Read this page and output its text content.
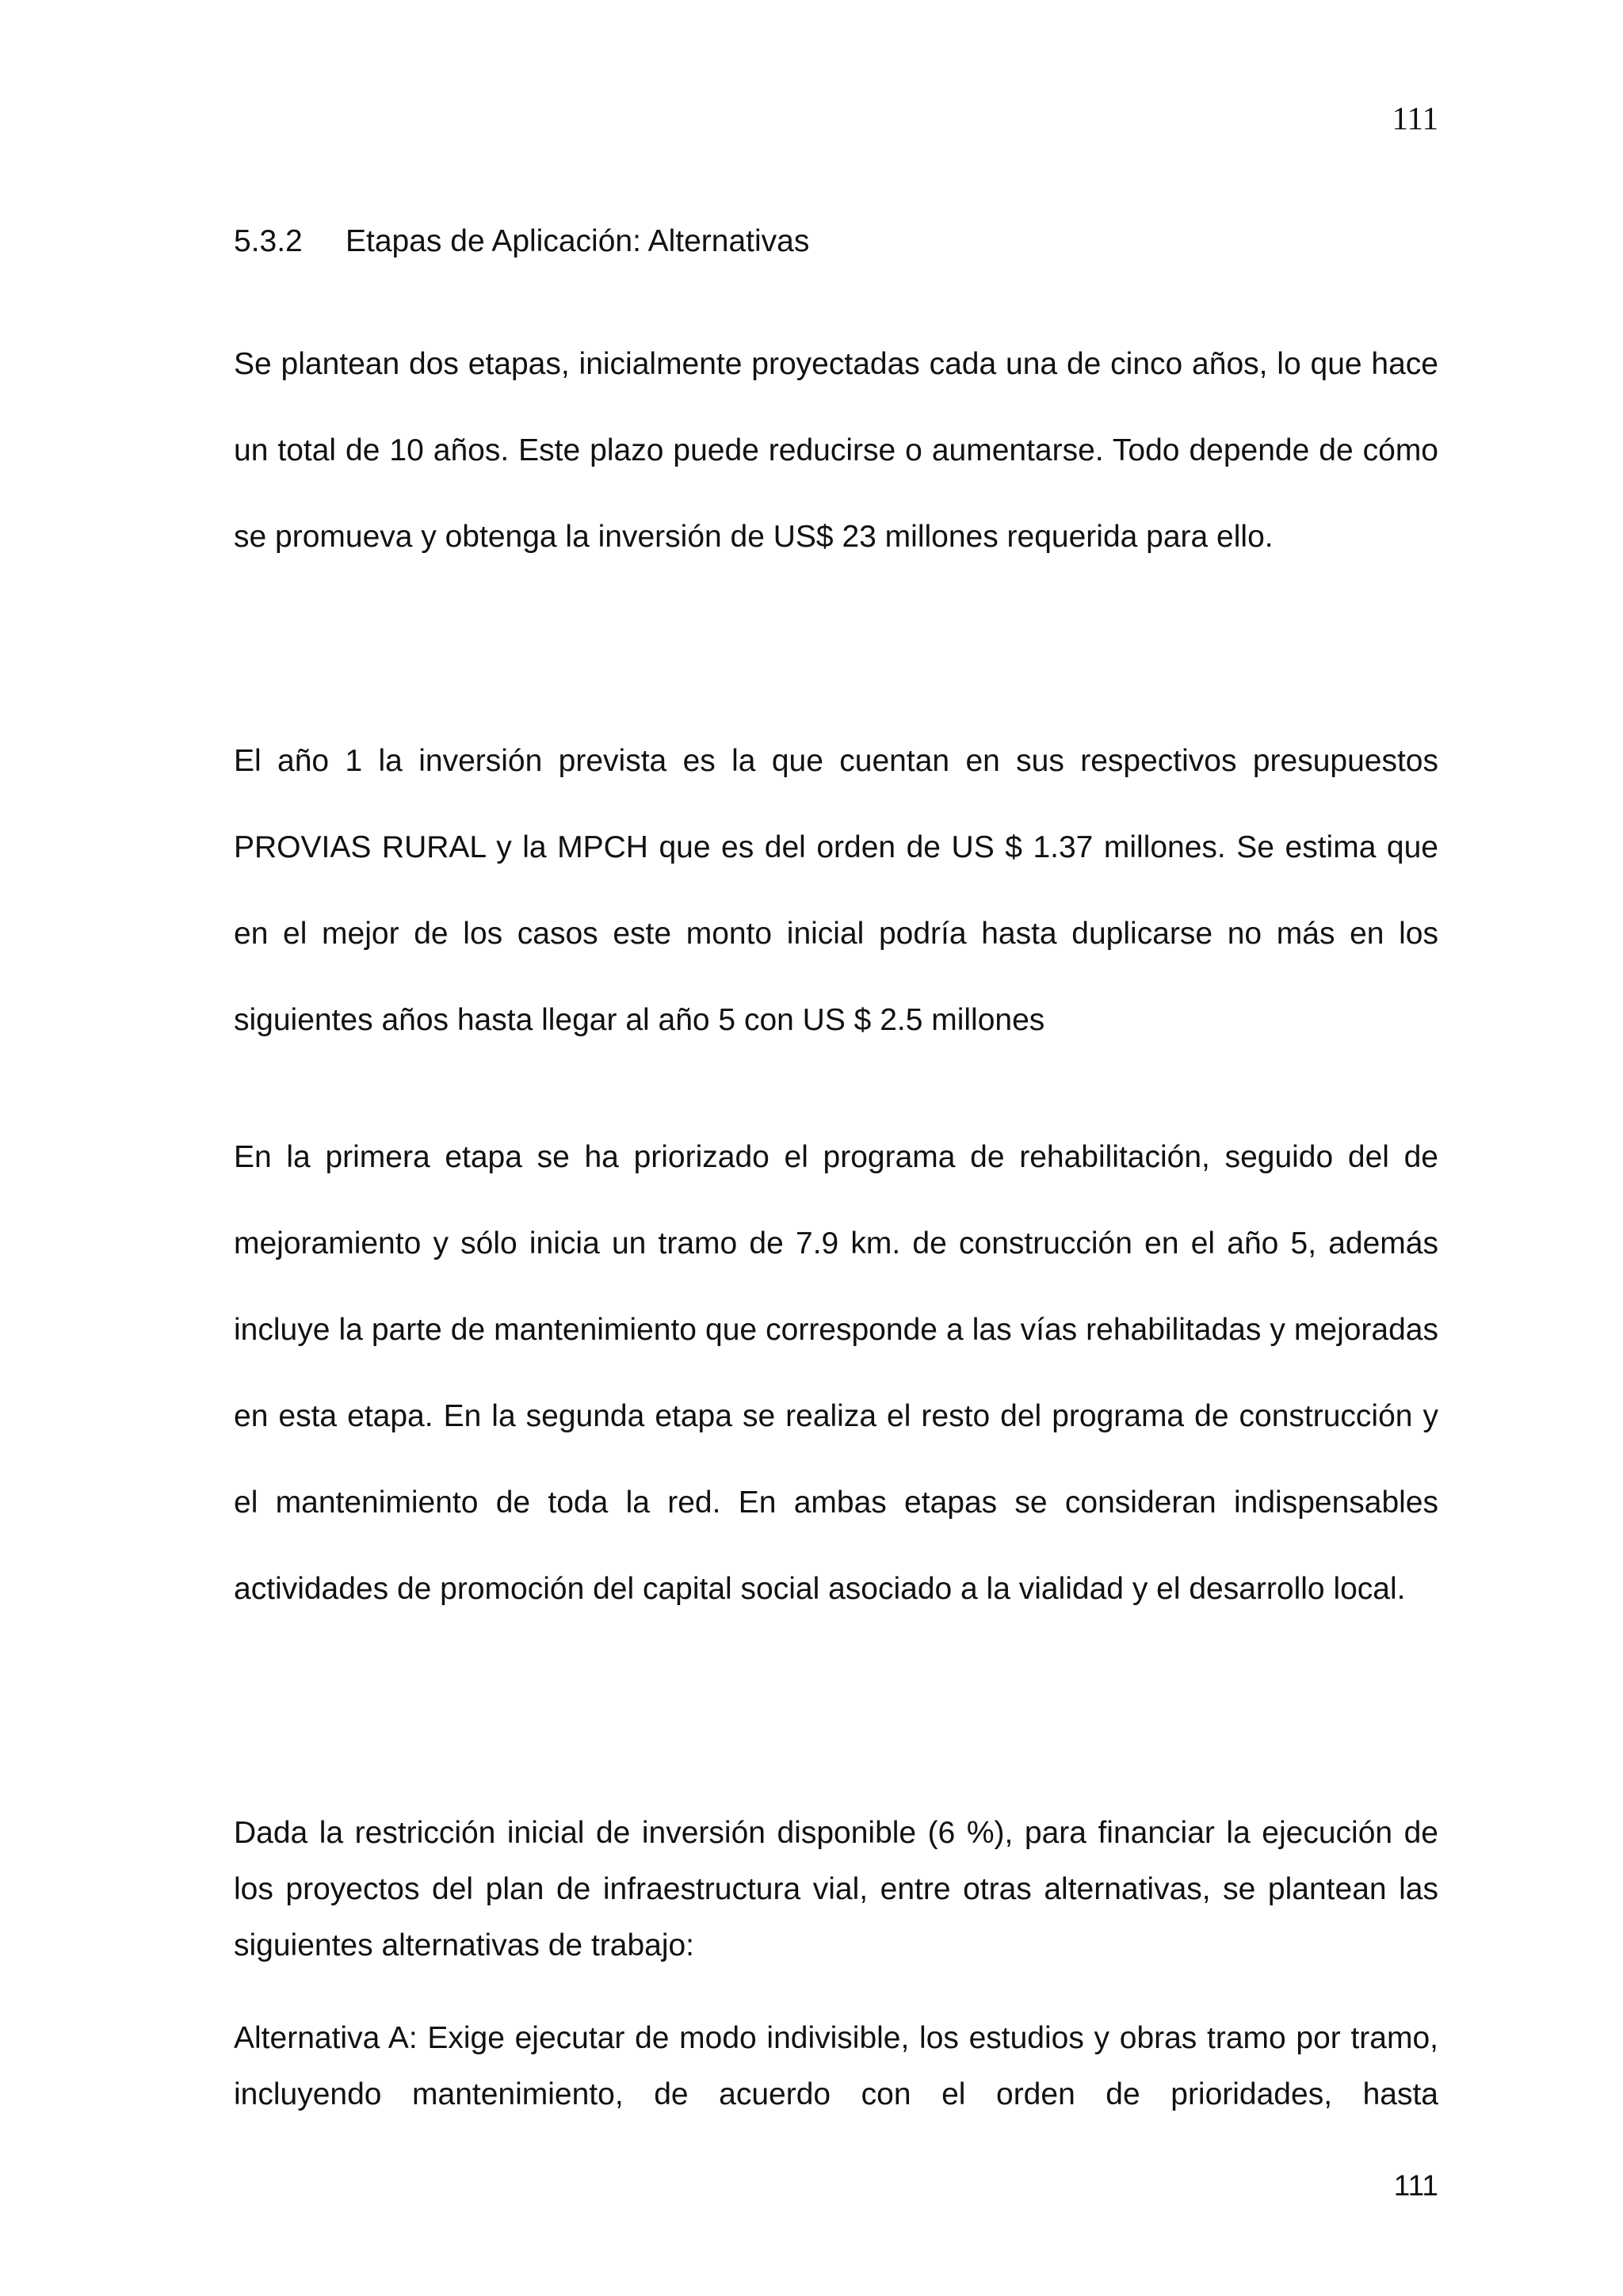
111

5.3.2 Etapas de Aplicación: Alternativas

Se plantean dos etapas, inicialmente proyectadas cada una de cinco años, lo que hace un total de 10 años. Este plazo puede reducirse o aumentarse. Todo depende de cómo se promueva y obtenga la inversión de US$ 23 millones requerida para ello.

El año 1 la inversión prevista es la que cuentan en sus respectivos presupuestos PROVIAS RURAL y la MPCH que es del orden de US $ 1.37 millones. Se estima que en el mejor de los casos este monto inicial podría hasta duplicarse no más en los siguientes años hasta llegar al año 5 con US $ 2.5 millones

En la primera etapa se ha priorizado el programa de rehabilitación, seguido del de mejoramiento y sólo inicia un tramo de 7.9 km. de construcción en el año 5, además incluye la parte de mantenimiento que corresponde a las vías rehabilitadas y mejoradas en esta etapa. En la segunda etapa se realiza el resto del programa de construcción y el mantenimiento de toda la red. En ambas etapas se consideran indispensables actividades de promoción del capital social asociado a la vialidad y el desarrollo local.

Dada la restricción inicial de inversión disponible (6 %), para financiar la ejecución de los proyectos del plan de infraestructura vial, entre otras alternativas, se plantean las siguientes alternativas de trabajo:

Alternativa A: Exige ejecutar de modo indivisible, los estudios y obras tramo por tramo, incluyendo mantenimiento, de acuerdo con el orden de prioridades, hasta

111
